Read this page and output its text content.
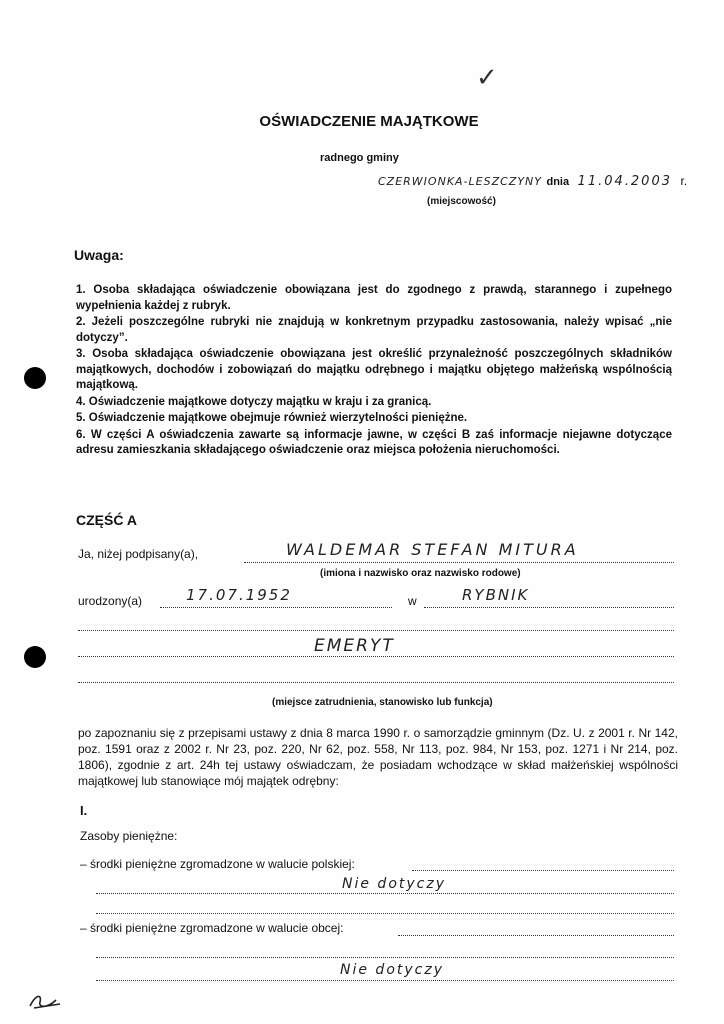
✓
OŚWIADCZENIE MAJĄTKOWE
radnego gminy
CZERWIONKA-LESZCZYNY dnia 11.04.2003 r.
(miejscowość)
Uwaga:
1. Osoba składająca oświadczenie obowiązana jest do zgodnego z prawdą, starannego i zupełnego wypełnienia każdej z rubryk.
2. Jeżeli poszczególne rubryki nie znajdują w konkretnym przypadku zastosowania, należy wpisać „nie dotyczy”.
3. Osoba składająca oświadczenie obowiązana jest określić przynależność poszczególnych składników majątkowych, dochodów i zobowiązań do majątku odrębnego i majątku objętego małżeńską wspólnością majątkową.
4. Oświadczenie majątkowe dotyczy majątku w kraju i za granicą.
5. Oświadczenie majątkowe obejmuje również wierzytelności pieniężne.
6. W części A oświadczenia zawarte są informacje jawne, w części B zaś informacje niejawne dotyczące adresu zamieszkania składającego oświadczenie oraz miejsca położenia nieruchomości.
CZĘŚĆ A
Ja, niżej podpisany(a),	WALDEMAR STEFAN MITURA
(imiona i nazwisko oraz nazwisko rodowe)
urodzony(a)	17.07.1952	w	RYBNIK
EMERYT
(miejsce zatrudnienia, stanowisko lub funkcja)
po zapoznaniu się z przepisami ustawy z dnia 8 marca 1990 r. o samorządzie gminnym (Dz. U. z 2001 r. Nr 142, poz. 1591 oraz z 2002 r. Nr 23, poz. 220, Nr 62, poz. 558, Nr 113, poz. 984, Nr 153, poz. 1271 i Nr 214, poz. 1806), zgodnie z art. 24h tej ustawy oświadczam, że posiadam wchodzące w skład małżeńskiej wspólności majątkowej lub stanowiące mój majątek odrębny:
I.
Zasoby pieniężne:
– środki pieniężne zgromadzone w walucie polskiej:
Nie dotyczy
– środki pieniężne zgromadzone w walucie obcej:
Nie dotyczy
